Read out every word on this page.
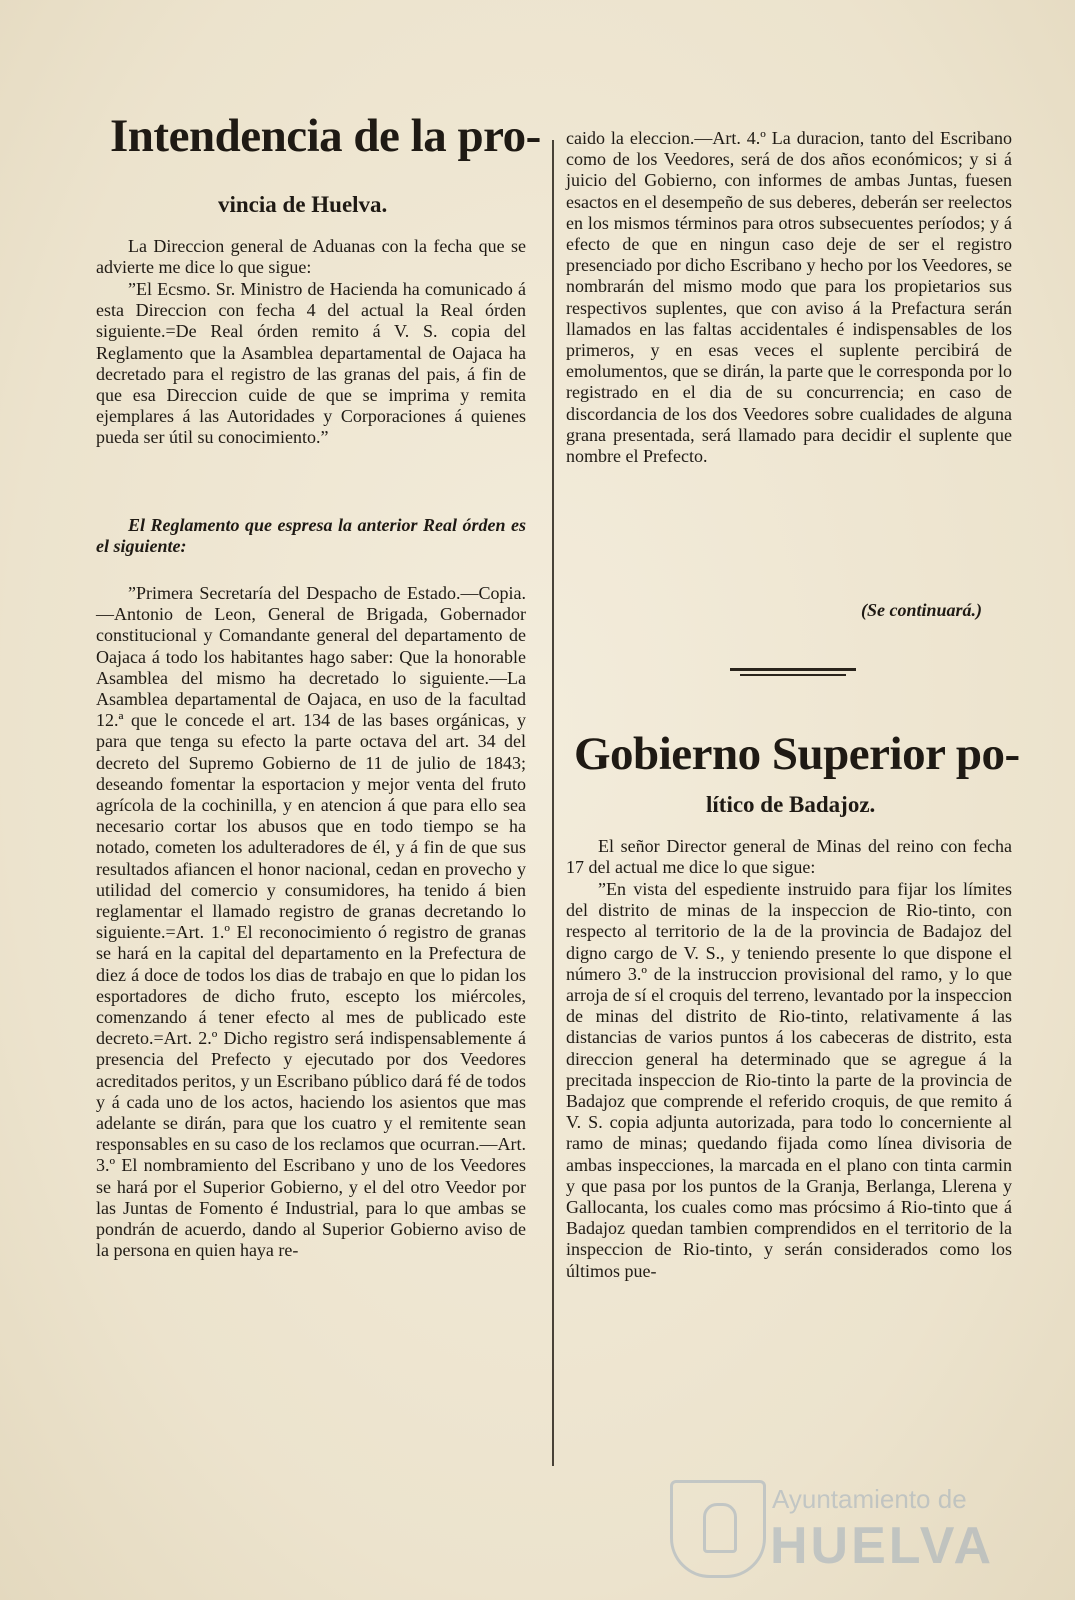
Intendencia de la pro-
vincia de Huelva.

La Direccion general de Aduanas con la fecha que se advierte me dice lo que sigue:

”El Ecsmo. Sr. Ministro de Hacienda ha comunicado á esta Direccion con fecha 4 del actual la Real órden siguiente.=De Real órden remito á V. S. copia del Reglamento que la Asamblea departamental de Oajaca ha decretado para el registro de las granas del pais, á fin de que esa Direccion cuide de que se imprima y remita ejemplares á las Autoridades y Corporaciones á quienes pueda ser útil su conocimiento.”

El Reglamento que espresa la anterior Real órden es el siguiente:

”Primera Secretaría del Despacho de Estado.—Copia.—Antonio de Leon, General de Brigada, Gobernador constitucional y Comandante general del departamento de Oajaca á todo los habitantes hago saber: Que la honorable Asamblea del mismo ha decretado lo siguiente.—La Asamblea departamental de Oajaca, en uso de la facultad 12.ª que le concede el art. 134 de las bases orgánicas, y para que tenga su efecto la parte octava del art. 34 del decreto del Supremo Gobierno de 11 de julio de 1843; deseando fomentar la esportacion y mejor venta del fruto agrícola de la cochinilla, y en atencion á que para ello sea necesario cortar los abusos que en todo tiempo se ha notado, cometen los adulteradores de él, y á fin de que sus resultados afiancen el honor nacional, cedan en provecho y utilidad del comercio y consumidores, ha tenido á bien reglamentar el llamado registro de granas decretando lo siguiente.=Art. 1.º El reconocimiento ó registro de granas se hará en la capital del departamento en la Prefectura de diez á doce de todos los dias de trabajo en que lo pidan los esportadores de dicho fruto, escepto los miércoles, comenzando á tener efecto al mes de publicado este decreto.=Art. 2.º Dicho registro será indispensablemente á presencia del Prefecto y ejecutado por dos Veedores acreditados peritos, y un Escribano público dará fé de todos y á cada uno de los actos, haciendo los asientos que mas adelante se dirán, para que los cuatro y el remitente sean responsables en su caso de los reclamos que ocurran.—Art. 3.º El nombramiento del Escribano y uno de los Veedores se hará por el Superior Gobierno, y el del otro Veedor por las Juntas de Fomento é Industrial, para lo que ambas se pondrán de acuerdo, dando al Superior Gobierno aviso de la persona en quien haya re-

caido la eleccion.—Art. 4.º La duracion, tanto del Escribano como de los Veedores, será de dos años económicos; y si á juicio del Gobierno, con informes de ambas Juntas, fuesen esactos en el desempeño de sus deberes, deberán ser reelectos en los mismos términos para otros subsecuentes períodos; y á efecto de que en ningun caso deje de ser el registro presenciado por dicho Escribano y hecho por los Veedores, se nombrarán del mismo modo que para los propietarios sus respectivos suplentes, que con aviso á la Prefactura serán llamados en las faltas accidentales é indispensables de los primeros, y en esas veces el suplente percibirá de emolumentos, que se dirán, la parte que le corresponda por lo registrado en el dia de su concurrencia; en caso de discordancia de los dos Veedores sobre cualidades de alguna grana presentada, será llamado para decidir el suplente que nombre el Prefecto.

(Se continuará.)
Gobierno Superior po-
lítico de Badajoz.

El señor Director general de Minas del reino con fecha 17 del actual me dice lo que sigue:

”En vista del espediente instruido para fijar los límites del distrito de minas de la inspeccion de Rio-tinto, con respecto al territorio de la de la provincia de Badajoz del digno cargo de V. S., y teniendo presente lo que dispone el número 3.º de la instruccion provisional del ramo, y lo que arroja de sí el croquis del terreno, levantado por la inspeccion de minas del distrito de Rio-tinto, relativamente á las distancias de varios puntos á los cabeceras de distrito, esta direccion general ha determinado que se agregue á la precitada inspeccion de Rio-tinto la parte de la provincia de Badajoz que comprende el referido croquis, de que remito á V. S. copia adjunta autorizada, para todo lo concerniente al ramo de minas; quedando fijada como línea divisoria de ambas inspecciones, la marcada en el plano con tinta carmin y que pasa por los puntos de la Granja, Berlanga, Llerena y Gallocanta, los cuales como mas prócsimo á Rio-tinto que á Badajoz quedan tambien comprendidos en el territorio de la inspeccion de Rio-tinto, y serán considerados como los últimos pue-

Ayuntamiento de
HUELVA
